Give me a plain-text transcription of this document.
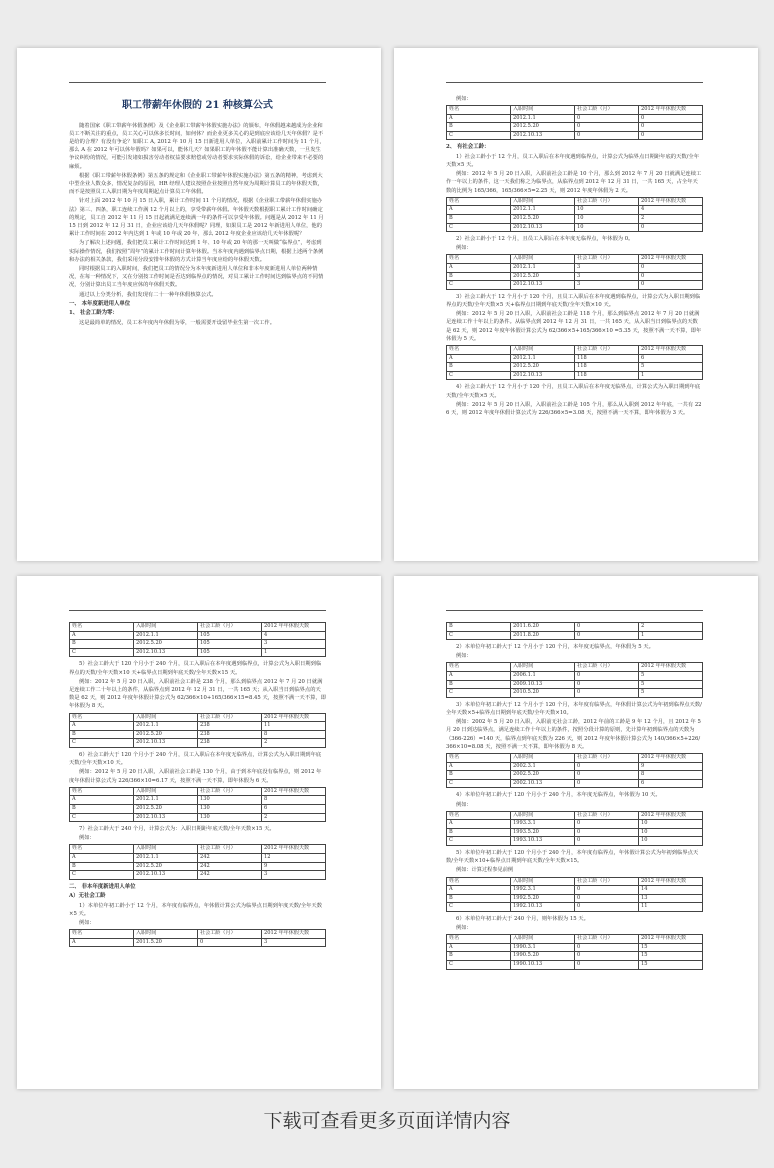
职工带薪年休假的 21 种核算公式

随着国家《职工带薪年休假条例》及《企业职工带薪年休假实施办法》的颁布，年休假越来越成为企业和员工不断关注的重点，员工关心可以休多长时间，如何休？而企业更多关心的是到底应该给几天年休假？是不是给的合理？有没有争论？如职工 A, 2012 年 10 月 15 日新进用人单位，入职前累计工作时间为 11 个月，那么 A 在 2012 年可以休年假吗？如果可以，能休几天？如果职工的年休假不能计算出准确天数，一旦发生争议纠纷的情况，可能引发诸如损害劳动者权益要求赔偿或劳动者要求实际休假的诉讼，给企业带来不必要的麻烦。

根据《职工带薪年休假条例》第五条的规定和《企业职工带薪年休假实施办法》第五条的精神，考虑到大中型企业人数众多，情况复杂的原因，HR 经理人建议按照企业按照自然年度为周期计算员工的年休假天数，而不是按照员工入职日期为年度周期起点计算员工年休假。

针对上面 2012 年 10 月 15 日入职，累计工作时间 11 个月的情况，根据《企业职工带薪年休假实施办法》第三、四条，职工连续工作满 12 个月以上的，享受带薪年休假。年休假天数根据职工累计工作时间确定的规定，员工自 2012 年 11 月 15 日起就满足连续满一年的条件可以享受年休假。问题是从 2012 年 11 月 15 日到 2012 年 12 月 31 日，企业应该给几天年休假呢？同理，如果员工是 2012 年新进用人单位，他的累计工作时间在 2012 年内达到 1 年或 10 年或 20 年，那么 2012 年度企业应该给几天年休假呢？

为了解决上述问题，我们把员工累计工作时间达到 1 年、10 年或 20 年的那一天叫做“临界点”，考虑到实际操作情况，我们按照“周年”的累计工作时间计算年休假。当本年度内遇到临界点日期，根据上述两个条例和办法的相关条款，我们采用分段安排年休假的方式计算当年度应给的年休假天数。

同时根据员工的入职时间，我们把员工的情况分为本年度新进用人单位和非本年度新进用人单位两种情况，在每一种情况下，又在分别按工作时间是否达到临界点的情况，对员工累计工作时间达到临界点的不同情况，分别计算出员工当年度应休的年休假天数。

通过以上分类分析，我们发现有二十一种年休假核算公式。

一、 本年度新进用人单位
1、 社会工龄为零：

这是最简单的情况，员工本年度内年休假为零，一般需要开设留毕业生第一次工作。

例如：
姓名	入职时间	社会工龄（月）	2012 年年休假天数
A	2012.1.1	0	0
B	2012.5.20	0	0
C	2012.10.13	0	0
2、 有社会工龄：

1）社会工龄小于 12 个月，员工入职后在本年度遇到临界点，计算公式为临界点日期距年底的天数/全年天数×5 天。

例如：2012 年 5 月 20 日入职，入职前社会工龄是 10 个月，那么到 2012 年 7 月 20 日就满足连续工作一年以上的条件，这一天我们称之为临界点，从临界点到 2012 年 12 月 31 日，一共 165 天，占全年天数的比例为 165/366，165/366×5=2.25 天，则 2012 年度年休假为 2 天。

姓名	入职时间	社会工龄（月）	2012 年年休假天数
A	2012.1.1	10	4
B	2012.5.20	10	2
C	2012.10.13	10	0

2）社会工龄小于 12 个月，且员工入职后在本年度无临界点，年休假为 0。

例如：
姓名	入职时间	社会工龄（月）	2012 年年休假天数
A	2012.1.1	3	0
B	2012.5.20	3	0
C	2012.10.13	3	0

3）社会工龄大于 12 个月小于 120 个月，且员工入职后在本年度遇到临界点，计算公式为入职日期到临界点的天数/全年天数×5 天+临界点日期到年底天数/全年天数×10 天。

例如：2012 年 5 月 20 日入职，入职前社会工龄是 118 个月，那么到临界点 2012 年 7 月 20 日就满足连续工作十年以上的条件。从临界点到 2012 年 12 月 31 日，一共 165 天，从入职当日到临界点的天数是 62 天，则 2012 年度年休假计算公式为 62/366×5+165/366×10 =5.35 天，按照不满一天不算，即年休假为 5 天。

姓名	入职时间	社会工龄（月）	2012 年年休假天数
A	2012.1.1	118	6
B	2012.5.20	118	5
C	2012.10.13	118	1

4）社会工龄大于 12 个月小于 120 个月，且员工入职后在本年度无临界点，计算公式为入职日期到年底天数/全年天数×5 天。

例如：2012 年 5 月 20 日入职，入职前社会工龄是 105 个月，那么从入职到 2012 年年底，一共有 226 天，则 2012 年度年休假计算公式为 226/366×5=3.08 天，按照不满一天不算，即年休假为 3 天。

姓名	入职时间	社会工龄（月）	2012 年年休假天数
A	2012.1.1	105	4
B	2012.5.20	105	3
C	2012.10.13	105	1

5）社会工龄大于 120 个月小于 240 个月，员工入职后在本年度遇到临界点，计算公式为入职日期到临界点的天数/全年天数×10 天+临界点日期到年底天数/全年天数×15 天。

例如：2012 年 5 月 20 日入职，入职前社会工龄是 238 个月，那么到临界点 2012 年 7 月 20 日就满足连续工作二十年以上的条件，从临界点到 2012 年 12 月 31 日，一共 165 天；从入职当日到临界点的天数是 62 天，则 2012 年度年休假计算公式为 62/366×10+165/366×15=8.45 天，按照不满一天不算，即年休假为 8 天。

姓名	入职时间	社会工龄（月）	2012 年年休假天数
A	2012.1.1	238	11
B	2012.5.20	238	8
C	2012.10.13	238	2

6）社会工龄大于 120 个月小于 240 个月，员工入职后在本年度无临界点，计算公式为入职日期到年底天数/全年天数×10 天。

例如：2012 年 5 月 20 日入职，入职前社会工龄是 130 个月，由于到本年底没有临界点，则 2012 年度年休假计算公式为 226/366×10=6.17 天，按照不满一天不算，即年休假为 6 天。

姓名	入职时间	社会工龄（月）	2012 年年休假天数
A	2012.1.1	130	8
B	2012.5.20	130	6
C	2012.10.13	130	2

7）社会工龄大于 240 个月，计算公式为：入职日期距年底天数/全年天数×15 天。

例如：
姓名	入职时间	社会工龄（月）	2012 年年休假天数
A	2012.1.1	242	12
B	2012.5.20	242	9
C	2012.10.13	242	3
二、 非本年度新进用人单位
A）无社会工龄

1）本单位年初工龄小于 12 个月，本年度有临界点，年休假计算公式为临界点日期到年度天数/全年天数×5 天。

例如：
姓名	入职时间	社会工龄（月）	2012 年年休假天数
A	2011.5.20	0	3
B	2011.6.20	0	2
C	2011.8.20	0	1

2）本单位年初工龄大于 12 个月小于 120 个月，本年度无临界点，年休假为 5 天。

例如：
姓名	入职时间	社会工龄（月）	2012 年年休假天数
A	2006.1.1	0	5
B	2009.10.13	0	5
C	2010.5.20	0	5

3）本单位年初工龄大于 12 个月小于 120 个月，本年度有临界点，年休假计算公式为年初到临界点天数/全年天数×5+临界点日期到年底天数/全年天数×10。

例如：2002 年 5 月 20 日入职，入职前无社会工龄，2012 年前的工龄是 9 年 12 个月，且 2012 年 5 月 20 日到达临界点，满足连续工作十年以上的条件，按照分段计算的原则，先计算年初到临界点的天数为（366-226）=140 天，临界点到年底天数为 226 天，则 2012 年度年休假计算公式为 140/366×5+226/366×10=8.08 天，按照不满一天不算，即年休假为 8 天。

姓名	入职时间	社会工龄（月）	2012 年年休假天数
A	2002.3.1	0	9
B	2002.5.20	0	8
C	2002.10.13	0	6

4）本单位年初工龄大于 120 个月小于 240 个月，本年度无临界点，年休假为 10 天。

例如：
姓名	入职时间	社会工龄（月）	2012 年年休假天数
A	1993.3.1	0	10
B	1993.5.20	0	10
C	1993.10.13	0	10

5）本单位年初工龄大于 120 个月小于 240 个月，本年度有临界点，年休假计算公式为年初到临界点天数/全年天数×10+临界点日期到年底天数/全年天数×15。

例如：计算过程参见前例
姓名	入职时间	社会工龄（月）	2012 年年休假天数
A	1992.3.1	0	14
B	1992.5.20	0	13
C	1992.10.13	0	11

6）本单位年初工龄大于 240 个月，则年休假为 15 天。

例如：
姓名	入职时间	社会工龄（月）	2012 年年休假天数
A	1990.3.1	0	15
B	1990.5.20	0	15
C	1990.10.13	0	15
下载可查看更多页面详情内容
